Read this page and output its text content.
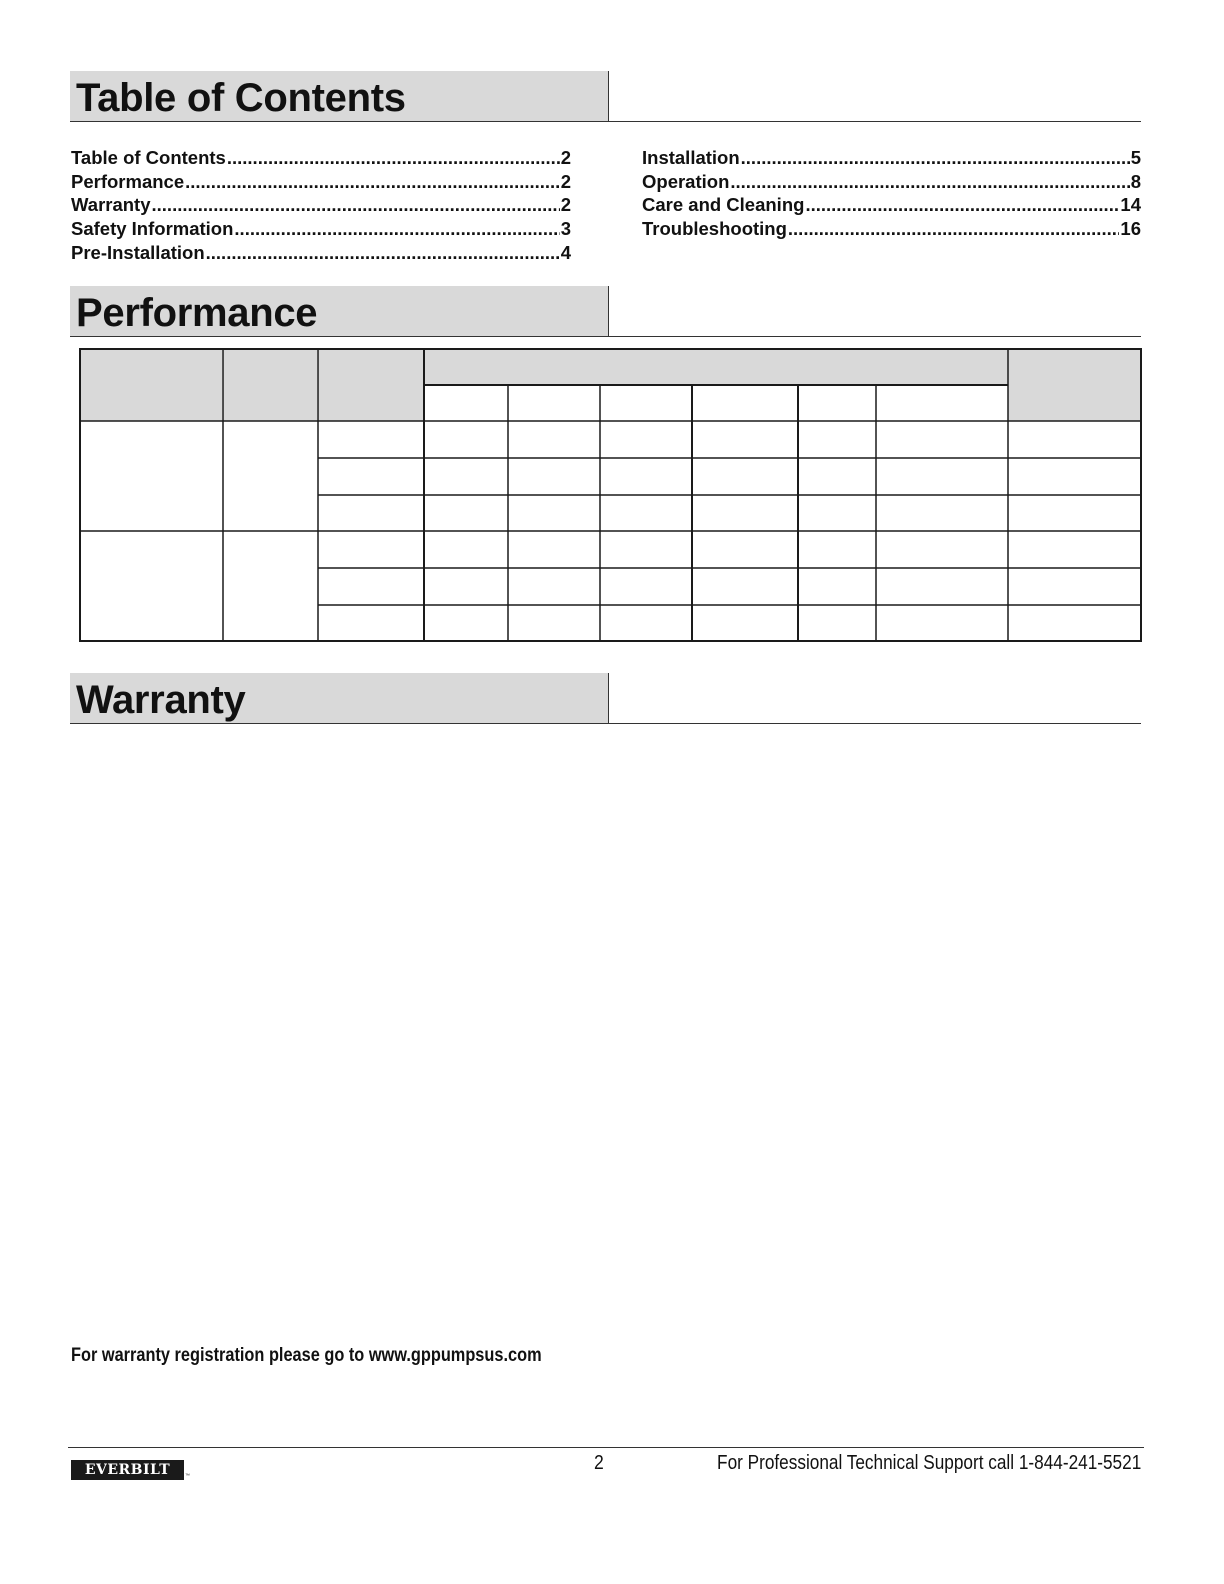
Table of Contents
Table of Contents .....	2
Performance .....	2
Warranty .....	2
Safety Information .....	3
Pre-Installation .....	4
Installation .....	5
Operation .....	8
Care and Cleaning .....	14
Troubleshooting .....	16
Performance
Warranty
For warranty registration please go to www.gppumpsus.com
EVERBILT	™
2	For Professional Technical Support call 1-844-241-5521
